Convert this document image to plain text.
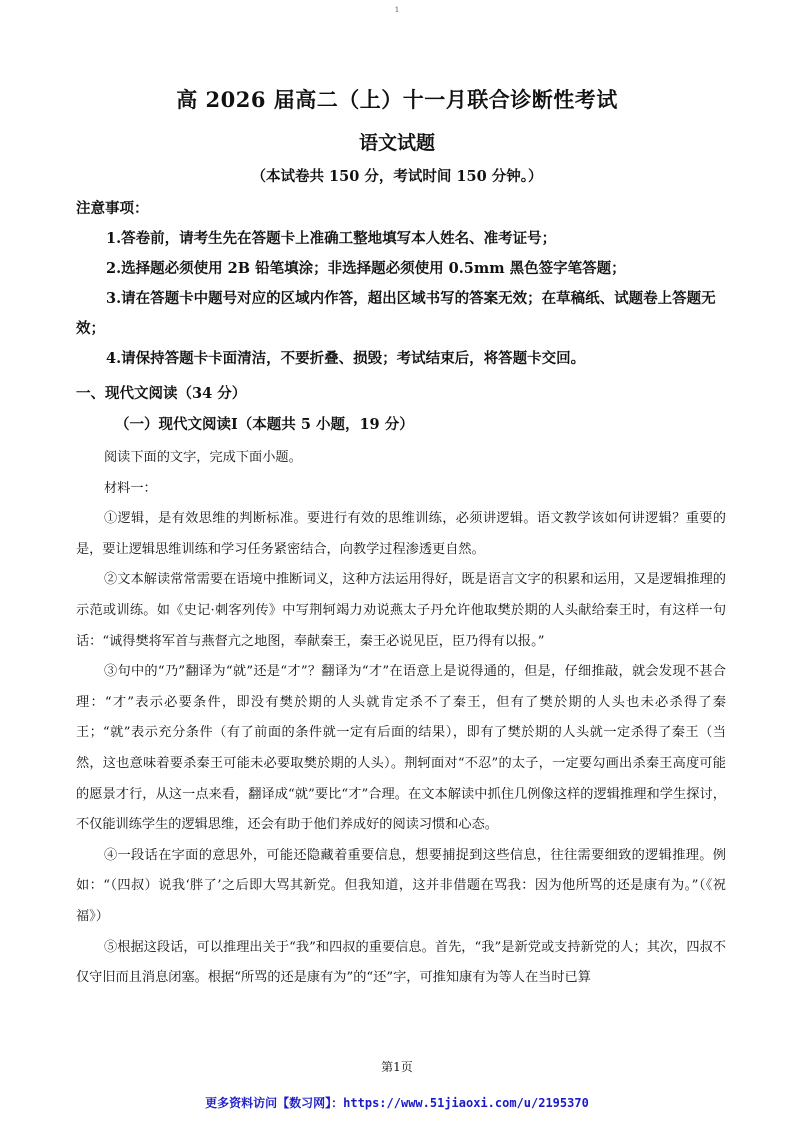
1
高 2026 届高二（上）十一月联合诊断性考试
语文试题
（本试卷共 150 分，考试时间 150 分钟。）
注意事项：
1.答卷前，请考生先在答题卡上准确工整地填写本人姓名、准考证号；
2.选择题必须使用 2B 铅笔填涂；非选择题必须使用 0.5mm 黑色签字笔答题；
3.请在答题卡中题号对应的区域内作答，超出区域书写的答案无效；在草稿纸、试题卷上答题无效；
4.请保持答题卡卡面清洁，不要折叠、损毁；考试结束后，将答题卡交回。
一、现代文阅读（34 分）
（一）现代文阅读Ⅰ（本题共 5 小题，19 分）

阅读下面的文字，完成下面小题。

材料一：

①逻辑，是有效思维的判断标准。要进行有效的思维训练，必须讲逻辑。语文教学该如何讲逻辑？重要的是，要让逻辑思维训练和学习任务紧密结合，向教学过程渗透更自然。

②文本解读常常需要在语境中推断词义，这种方法运用得好，既是语言文字的积累和运用，又是逻辑推理的示范或训练。如《史记·刺客列传》中写荆轲竭力劝说燕太子丹允许他取樊於期的人头献给秦王时，有这样一句话：“诚得樊将军首与燕督亢之地图，奉献秦王，秦王必说见臣，臣乃得有以报。”

③句中的“乃”翻译为“就”还是“才”？翻译为“才”在语意上是说得通的，但是，仔细推敲，就会发现不甚合理：“才”表示必要条件，即没有樊於期的人头就肯定杀不了秦王，但有了樊於期的人头也未必杀得了秦王；“就”表示充分条件（有了前面的条件就一定有后面的结果），即有了樊於期的人头就一定杀得了秦王（当然，这也意味着要杀秦王可能未必要取樊於期的人头）。荆轲面对“不忍”的太子，一定要勾画出杀秦王高度可能的愿景才行，从这一点来看，翻译成“就”要比“才”合理。在文本解读中抓住几例像这样的逻辑推理和学生探讨，不仅能训练学生的逻辑思维，还会有助于他们养成好的阅读习惯和心态。

④一段话在字面的意思外，可能还隐藏着重要信息，想要捕捉到这些信息，往往需要细致的逻辑推理。例如：“（四叔）说我‘胖了’之后即大骂其新党。但我知道，这并非借题在骂我：因为他所骂的还是康有为。”（《祝福》）

⑤根据这段话，可以推理出关于“我”和四叔的重要信息。首先，“我”是新党或支持新党的人；其次，四叔不仅守旧而且消息闭塞。根据“所骂的还是康有为”的“还”字，可推知康有为等人在当时已算

第1页
更多资料访问【数习网】：https://www.51jiaoxi.com/u/2195370
